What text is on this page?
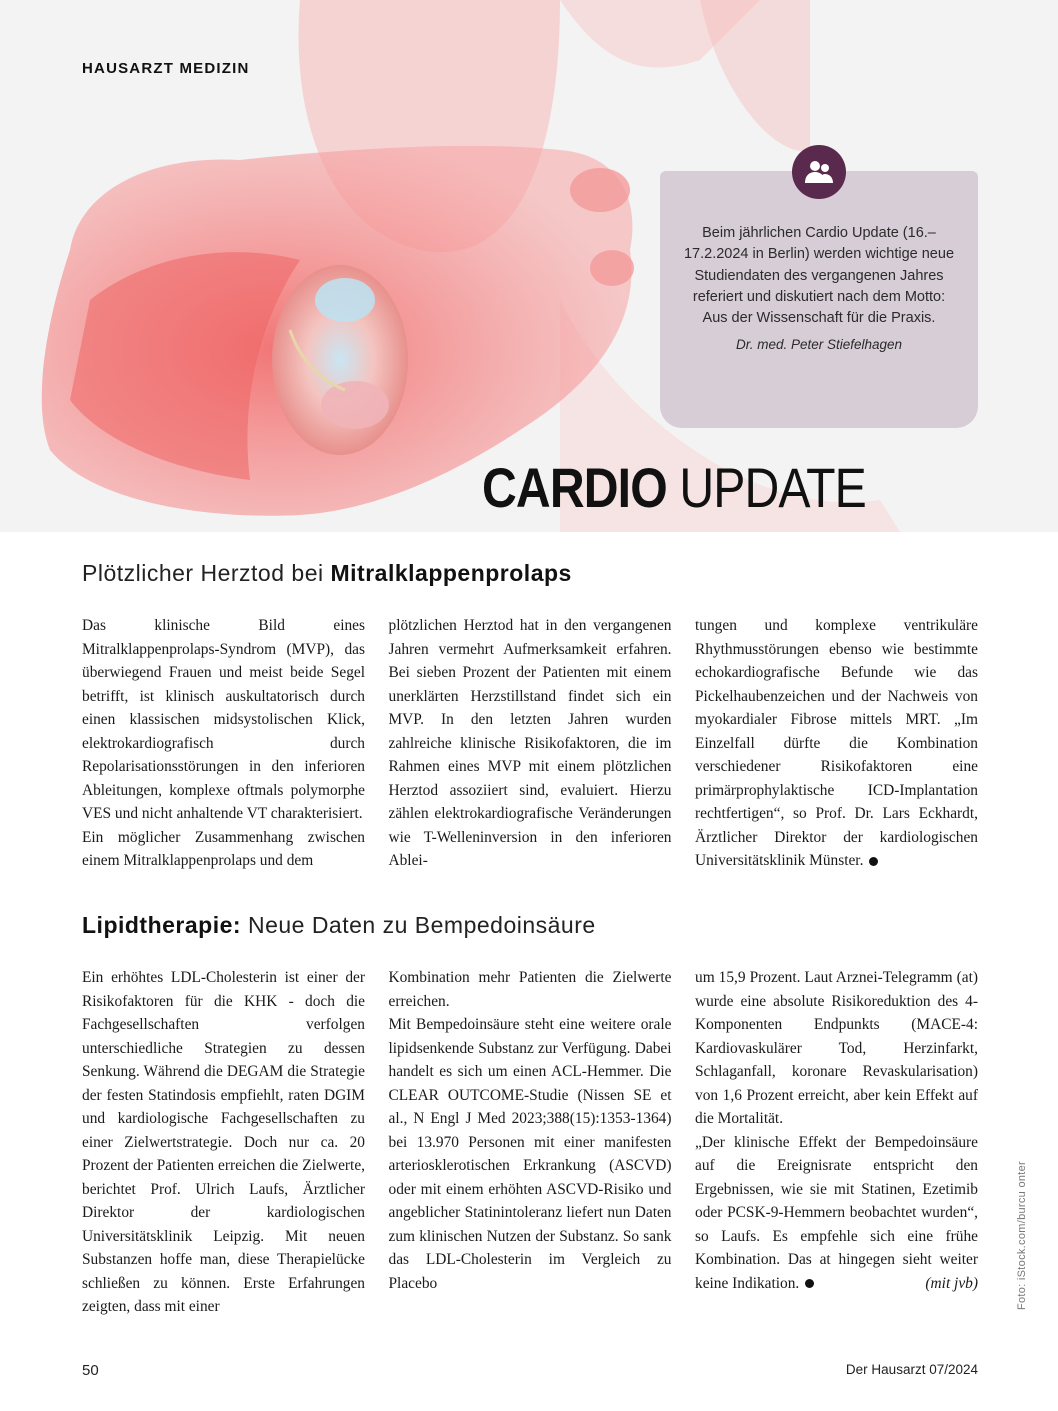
HAUSARZT MEDIZIN
Beim jährlichen Cardio Update (16.–17.2.2024 in Berlin) werden wichtige neue Studiendaten des vergangenen Jahres referiert und diskutiert nach dem Motto: Aus der Wissenschaft für die Praxis.
Dr. med. Peter Stiefelhagen
CARDIO UPDATE
Plötzlicher Herztod bei Mitralklappenprolaps

Das klinische Bild eines Mitralklappenprolaps-Syndrom (MVP), das überwiegend Frauen und meist beide Segel betrifft, ist klinisch auskultatorisch durch einen klassischen midsystolischen Klick, elektrokardiografisch durch Repolarisationsstörungen in den inferioren Ableitungen, komplexe oftmals polymorphe VES und nicht anhaltende VT charakterisiert.

Ein möglicher Zusammenhang zwischen einem Mitralklappenprolaps und dem

plötzlichen Herztod hat in den vergangenen Jahren vermehrt Aufmerksamkeit erfahren. Bei sieben Prozent der Patienten mit einem unerklärten Herzstillstand findet sich ein MVP. In den letzten Jahren wurden zahlreiche klinische Risikofaktoren, die im Rahmen eines MVP mit einem plötzlichen Herztod assoziiert sind, evaluiert. Hierzu zählen elektrokardiografische Veränderungen wie T-Welleninversion in den inferioren Ablei-

tungen und komplexe ventrikuläre Rhythmusstörungen ebenso wie bestimmte echokardiografische Befunde wie das Pickelhaubenzeichen und der Nachweis von myokardialer Fibrose mittels MRT. „Im Einzelfall dürfte die Kombination verschiedener Risikofaktoren eine primärprophylaktische ICD-Implantation rechtfertigen“, so Prof. Dr. Lars Eckhardt, Ärztlicher Direktor der kardiologischen Universitätsklinik Münster.

Lipidtherapie: Neue Daten zu Bempedoinsäure

Ein erhöhtes LDL-Cholesterin ist einer der Risikofaktoren für die KHK - doch die Fachgesellschaften verfolgen unterschiedliche Strategien zu dessen Senkung. Während die DEGAM die Strategie der festen Statindosis empfiehlt, raten DGIM und kardiologische Fachgesellschaften zu einer Zielwertstrategie. Doch nur ca. 20 Prozent der Patienten erreichen die Zielwerte, berichtet Prof. Ulrich Laufs, Ärztlicher Direktor der kardiologischen Universitätsklinik Leipzig. Mit neuen Substanzen hoffe man, diese Therapielücke schließen zu können. Erste Erfahrungen zeigten, dass mit einer

Kombination mehr Patienten die Zielwerte erreichen.

Mit Bempedoinsäure steht eine weitere orale lipidsenkende Substanz zur Verfügung. Dabei handelt es sich um einen ACL-Hemmer. Die CLEAR OUTCOME-Studie (Nissen SE et al., N Engl J Med 2023;388(15):1353-1364) bei 13.970 Personen mit einer manifesten arteriosklerotischen Erkrankung (ASCVD) oder mit einem erhöhten ASCVD-Risiko und angeblicher Statinintoleranz liefert nun Daten zum klinischen Nutzen der Substanz. So sank das LDL-Cholesterin im Vergleich zu Placebo

um 15,9 Prozent. Laut Arznei-Telegramm (at) wurde eine absolute Risikoreduktion des 4-Komponenten Endpunkts (MACE-4: Kardiovaskulärer Tod, Herzinfarkt, Schlaganfall, koronare Revaskularisation) von 1,6 Prozent erreicht, aber kein Effekt auf die Mortalität.

„Der klinische Effekt der Bempedoinsäure auf die Ereignisrate entspricht den Ergebnissen, wie sie mit Statinen, Ezetimib oder PCSK-9-Hemmern beobachtet wurden“, so Laufs. Es empfehle sich eine frühe Kombination. Das at hingegen sieht weiter keine Indikation.	(mit jvb)	Foto: iStock.com/burcu onter
50	Der Hausarzt 07/2024
